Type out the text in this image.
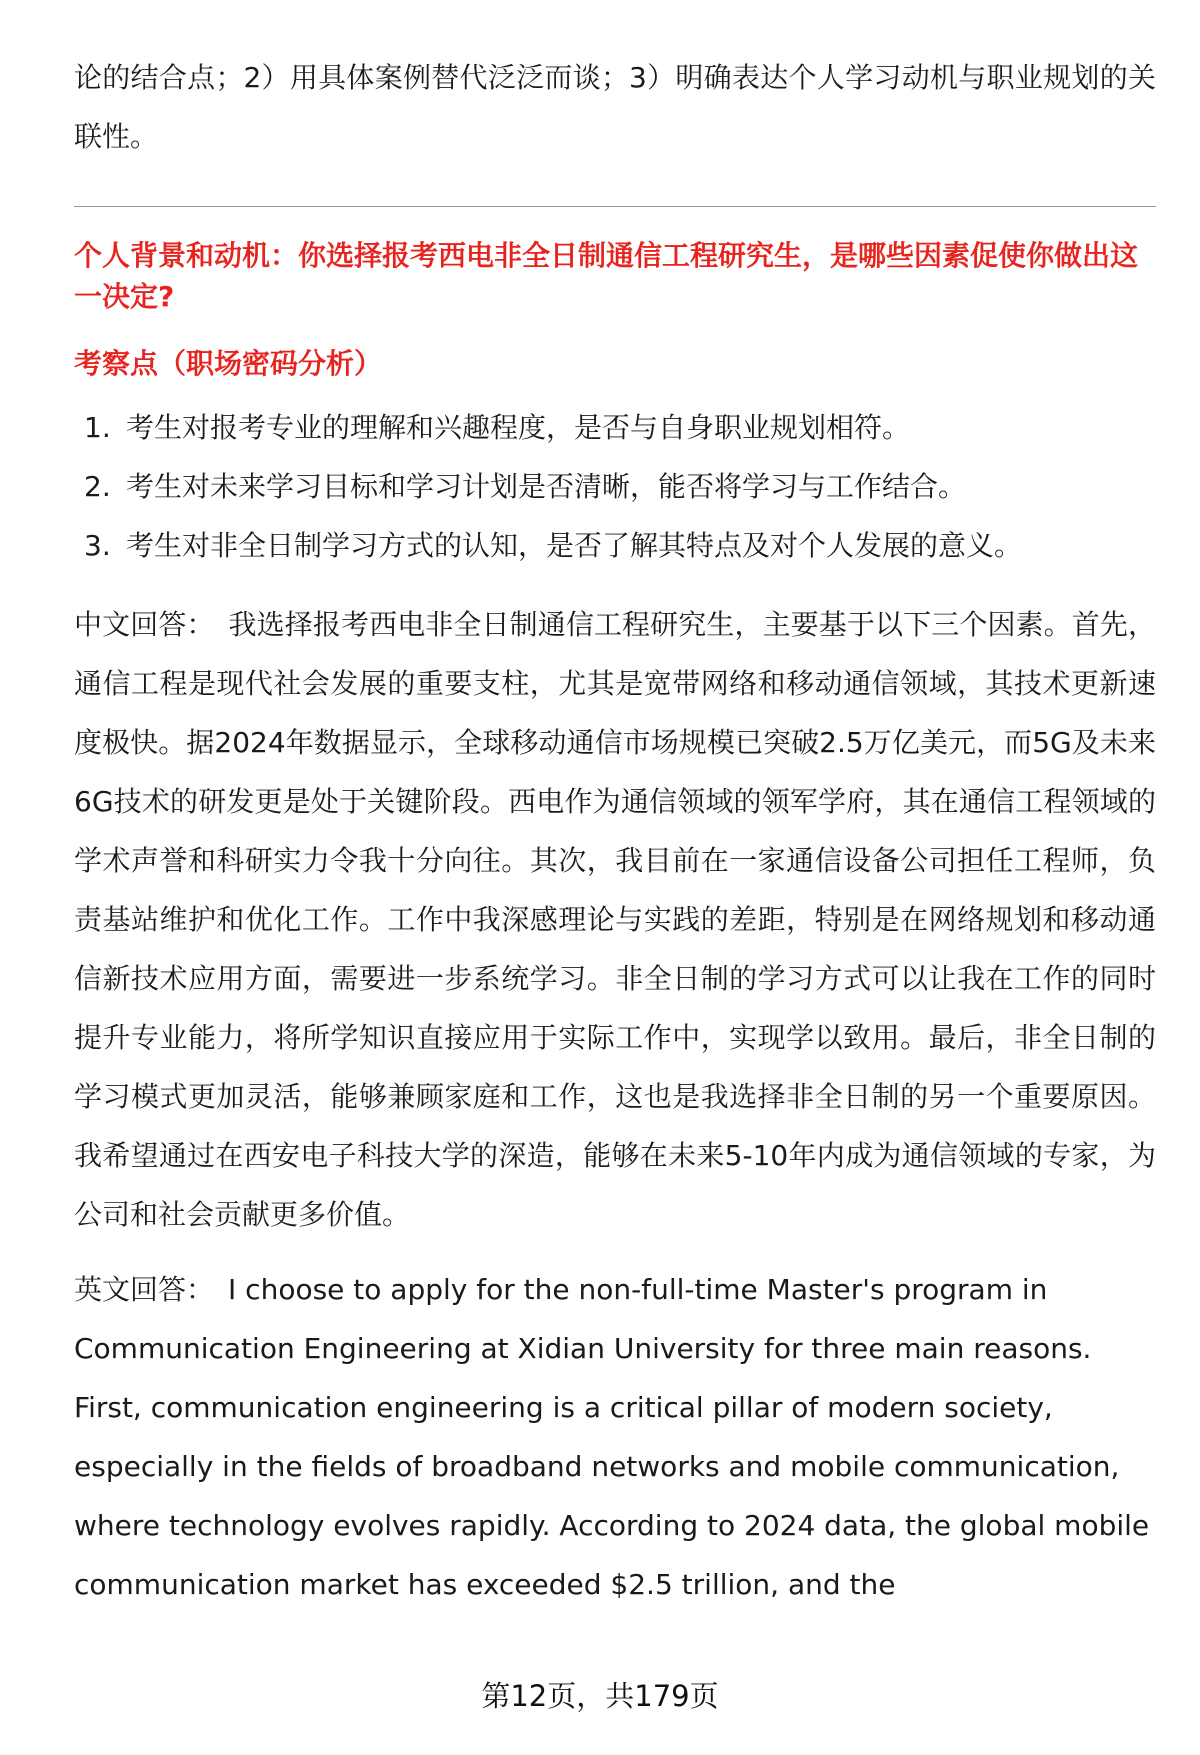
论的结合点；2）用具体案例替代泛泛而谈；3）明确表达个人学习动机与职业规划的关联性。

个人背景和动机：你选择报考西电非全日制通信工程研究生，是哪些因素促使你做出这一决定?

考察点（职场密码分析）

1. 考生对报考专业的理解和兴趣程度，是否与自身职业规划相符。
2. 考生对未来学习目标和学习计划是否清晰，能否将学习与工作结合。
3. 考生对非全日制学习方式的认知，是否了解其特点及对个人发展的意义。

中文回答： 我选择报考西电非全日制通信工程研究生，主要基于以下三个因素。首先，通信工程是现代社会发展的重要支柱，尤其是宽带网络和移动通信领域，其技术更新速度极快。据2024年数据显示，全球移动通信市场规模已突破2.5万亿美元，而5G及未来6G技术的研发更是处于关键阶段。西电作为通信领域的领军学府，其在通信工程领域的学术声誉和科研实力令我十分向往。其次，我目前在一家通信设备公司担任工程师，负责基站维护和优化工作。工作中我深感理论与实践的差距，特别是在网络规划和移动通信新技术应用方面，需要进一步系统学习。非全日制的学习方式可以让我在工作的同时提升专业能力，将所学知识直接应用于实际工作中，实现学以致用。最后，非全日制的学习模式更加灵活，能够兼顾家庭和工作，这也是我选择非全日制的另一个重要原因。我希望通过在西安电子科技大学的深造，能够在未来5-10年内成为通信领域的专家，为公司和社会贡献更多价值。

英文回答： I choose to apply for the non-full-time Master's program in Communication Engineering at Xidian University for three main reasons. First, communication engineering is a critical pillar of modern society, especially in the fields of broadband networks and mobile communication, where technology evolves rapidly. According to 2024 data, the global mobile communication market has exceeded $2.5 trillion, and the

第12页，共179页
